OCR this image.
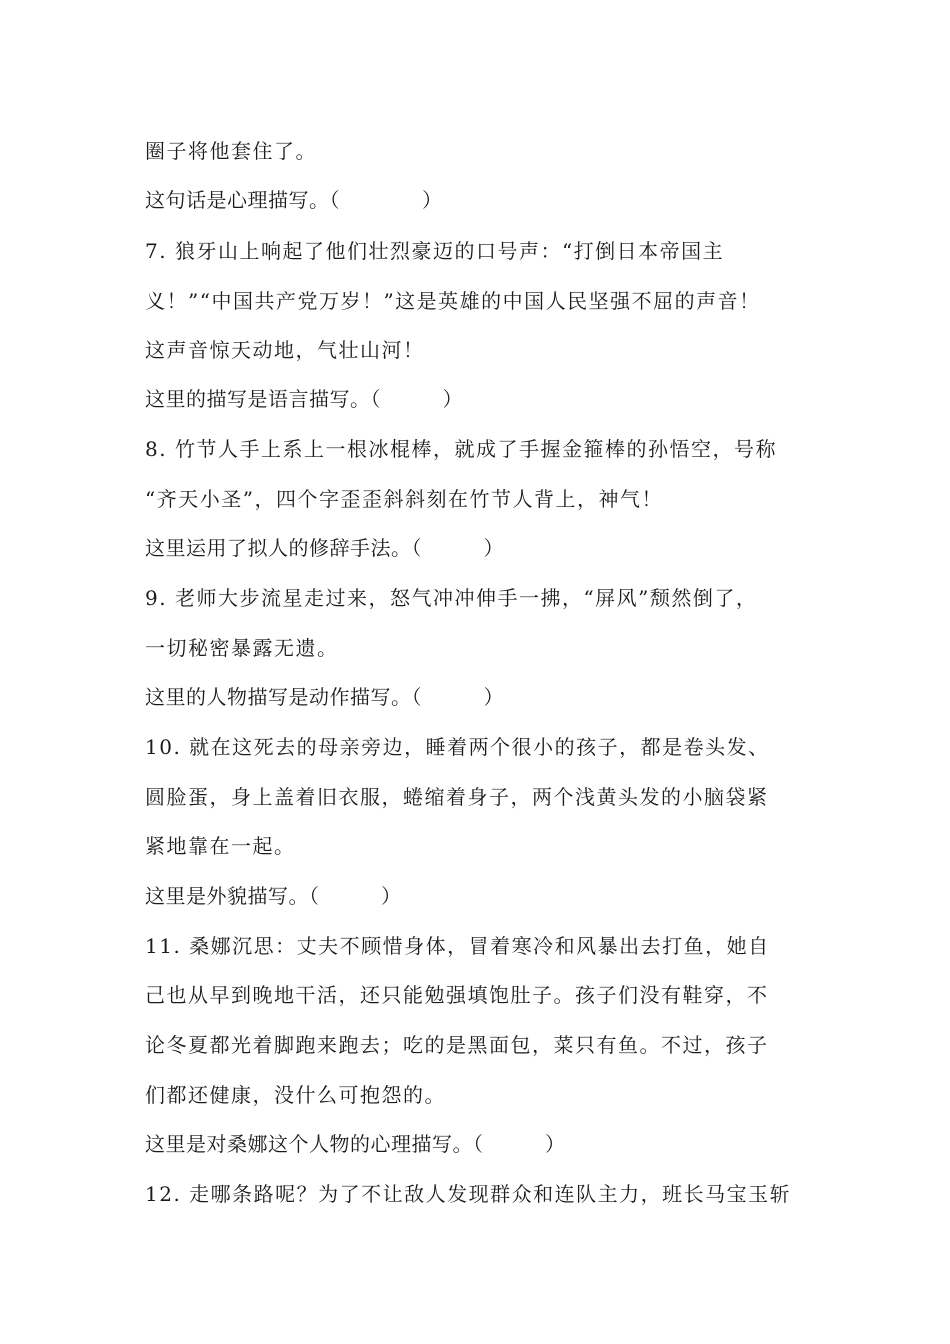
圈子将他套住了。

这句话是心理描写。（　　　　）

7. 狼牙山上响起了他们壮烈豪迈的口号声：“打倒日本帝国主

义！”“中国共产党万岁！”这是英雄的中国人民坚强不屈的声音！

这声音惊天动地，气壮山河！

这里的描写是语言描写。（　　　）

8. 竹节人手上系上一根冰棍棒，就成了手握金箍棒的孙悟空，号称

“齐天小圣”，四个字歪歪斜斜刻在竹节人背上，神气！

这里运用了拟人的修辞手法。（　　　）

9. 老师大步流星走过来，怒气冲冲伸手一拂，“屏风”颓然倒了，

一切秘密暴露无遗。

这里的人物描写是动作描写。（　　　）

10. 就在这死去的母亲旁边，睡着两个很小的孩子，都是卷头发、

圆脸蛋，身上盖着旧衣服，蜷缩着身子，两个浅黄头发的小脑袋紧

紧地靠在一起。

这里是外貌描写。（　　　）

11. 桑娜沉思：丈夫不顾惜身体，冒着寒冷和风暴出去打鱼，她自

己也从早到晚地干活，还只能勉强填饱肚子。孩子们没有鞋穿，不

论冬夏都光着脚跑来跑去；吃的是黑面包，菜只有鱼。不过，孩子

们都还健康，没什么可抱怨的。

这里是对桑娜这个人物的心理描写。（　　　）

12. 走哪条路呢？为了不让敌人发现群众和连队主力，班长马宝玉斩
